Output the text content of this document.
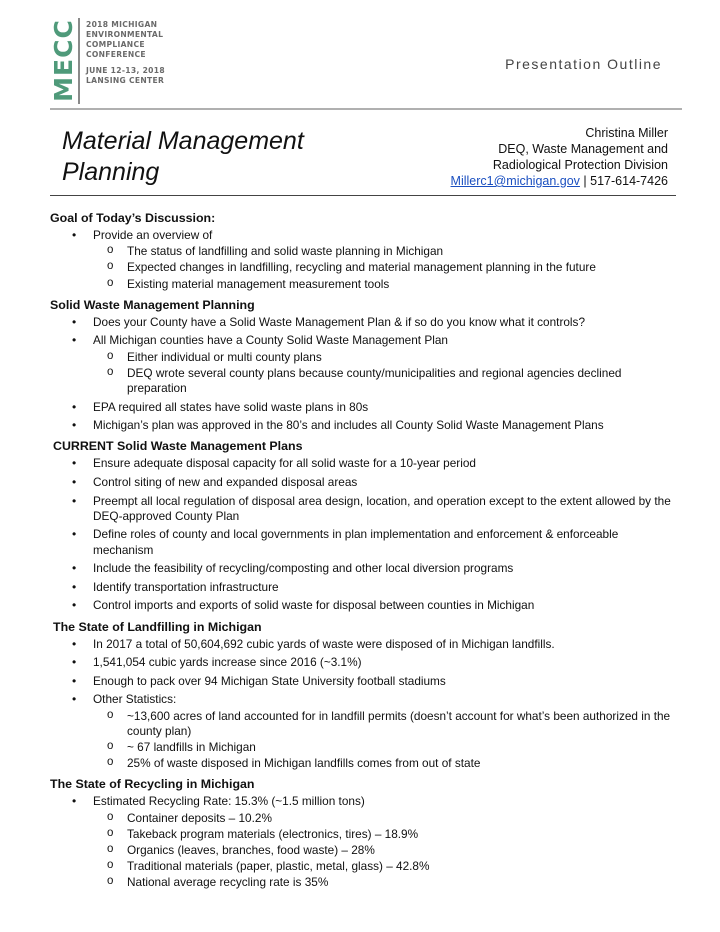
MECC 2018 MICHIGAN
ENVIRONMENTAL
COMPLIANCE
CONFERENCE
JUNE 12-13, 2018
LANSING CENTER
Presentation Outline
Material Management
Planning
Christina Miller
DEQ, Waste Management and
Radiological Protection Division
Millerc1@michigan.gov | 517-614-7426
Goal of Today’s Discussion:
• Provide an overview of
o The status of landfilling and solid waste planning in Michigan
o Expected changes in landfilling, recycling and material management planning in the future
o Existing material management measurement tools
Solid Waste Management Planning
• Does your County have a Solid Waste Management Plan & if so do you know what it controls?
• All Michigan counties have a County Solid Waste Management Plan
o Either individual or multi county plans
o DEQ wrote several county plans because county/municipalities and regional agencies declined preparation
• EPA required all states have solid waste plans in 80s
• Michigan’s plan was approved in the 80’s and includes all County Solid Waste Management Plans
CURRENT Solid Waste Management Plans
• Ensure adequate disposal capacity for all solid waste for a 10-year period
• Control siting of new and expanded disposal areas
• Preempt all local regulation of disposal area design, location, and operation except to the extent allowed by the DEQ-approved County Plan
• Define roles of county and local governments in plan implementation and enforcement & enforceable mechanism
• Include the feasibility of recycling/composting and other local diversion programs
• Identify transportation infrastructure
• Control imports and exports of solid waste for disposal between counties in Michigan
The State of Landfilling in Michigan
• In 2017 a total of 50,604,692 cubic yards of waste were disposed of in Michigan landfills.
• 1,541,054 cubic yards increase since 2016 (~3.1%)
• Enough to pack over 94 Michigan State University football stadiums
• Other Statistics:
o ~13,600 acres of land accounted for in landfill permits (doesn’t account for what’s been authorized in the county plan)
o ~ 67 landfills in Michigan
o 25% of waste disposed in Michigan landfills comes from out of state
The State of Recycling in Michigan
• Estimated Recycling Rate: 15.3% (~1.5 million tons)
o Container deposits – 10.2%
o Takeback program materials (electronics, tires) – 18.9%
o Organics (leaves, branches, food waste) – 28%
o Traditional materials (paper, plastic, metal, glass) – 42.8%
o National average recycling rate is 35%
